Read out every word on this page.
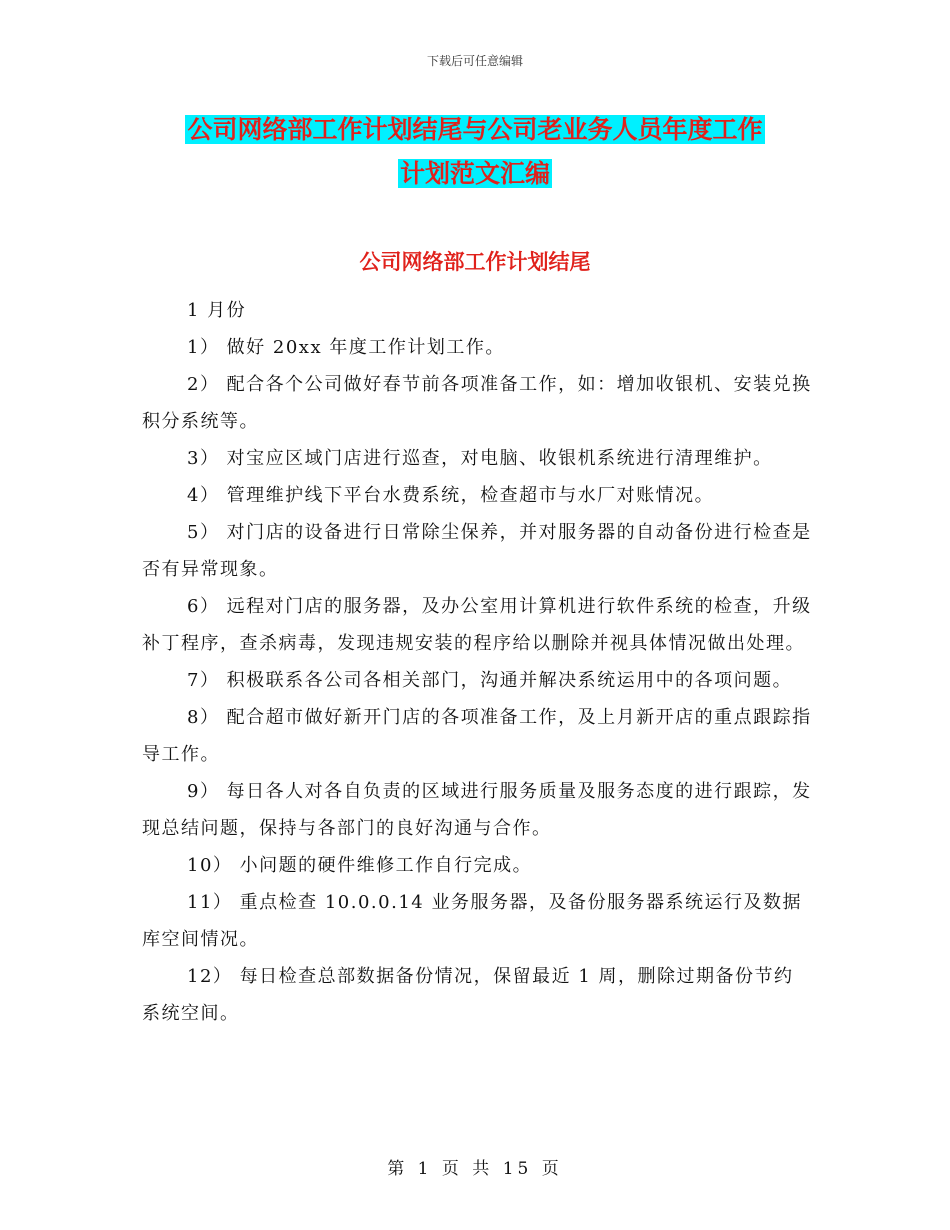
下载后可任意编辑
公司网络部工作计划结尾与公司老业务人员年度工作
计划范文汇编
公司网络部工作计划结尾

1 月份

1） 做好 20xx 年度工作计划工作。

2） 配合各个公司做好春节前各项准备工作，如：增加收银机、安装兑换积分系统等。

3） 对宝应区域门店进行巡查，对电脑、收银机系统进行清理维护。

4） 管理维护线下平台水费系统，检查超市与水厂对账情况。

5） 对门店的设备进行日常除尘保养，并对服务器的自动备份进行检查是否有异常现象。

6） 远程对门店的服务器，及办公室用计算机进行软件系统的检查，升级补丁程序，查杀病毒，发现违规安装的程序给以删除并视具体情况做出处理。

7） 积极联系各公司各相关部门，沟通并解决系统运用中的各项问题。

8） 配合超市做好新开门店的各项准备工作，及上月新开店的重点跟踪指导工作。

9） 每日各人对各自负责的区域进行服务质量及服务态度的进行跟踪，发现总结问题，保持与各部门的良好沟通与合作。

10） 小问题的硬件维修工作自行完成。

11） 重点检查 10.0.0.14 业务服务器，及备份服务器系统运行及数据库空间情况。

12） 每日检查总部数据备份情况，保留最近 1 周，删除过期备份节约系统空间。

第 1 页 共 15 页
